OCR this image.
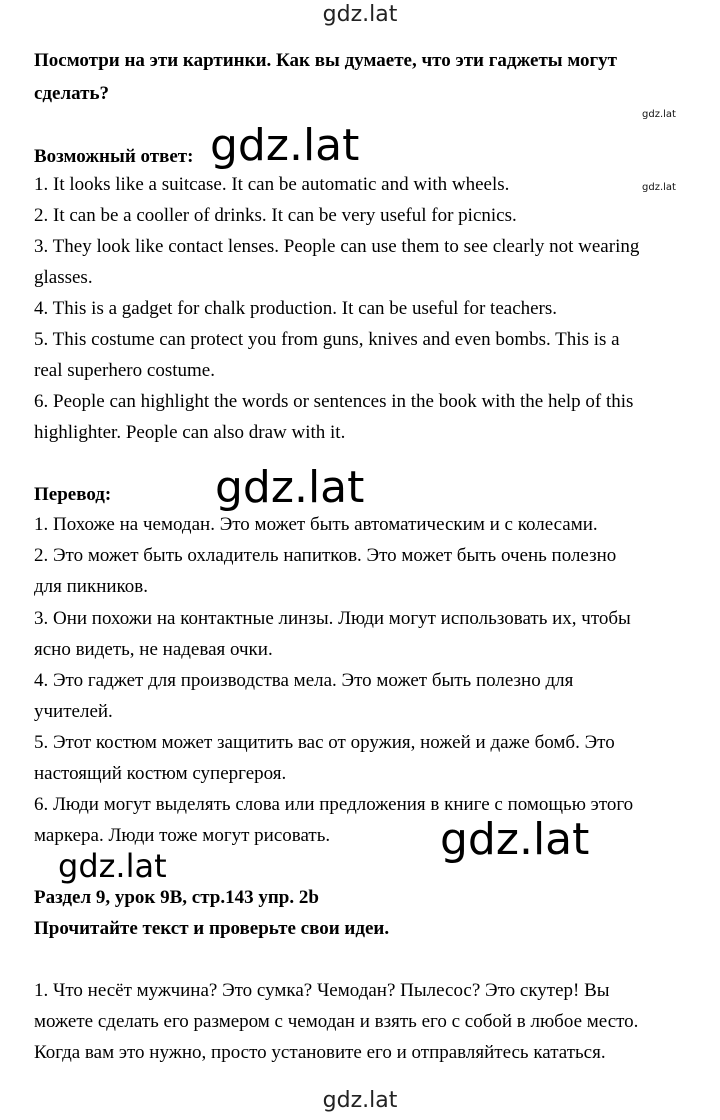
gdz.lat
gdz.lat
gdz.lat
Посмотри на эти картинки. Как вы думаете, что эти гаджеты могут
сделать?
Возможный ответ: gdz.lat
1. It looks like a suitcase. It can be automatic and with wheels.
2. It can be a cooller of drinks. It can be very useful for picnics.
3. They look like contact lenses. People can use them to see clearly not wearing
glasses.
4. This is a gadget for chalk production. It can be useful for teachers.
5. This costume can protect you from guns, knives and even bombs. This is a
real superhero costume.
6. People can highlight the words or sentences in the book with the help of this
highlighter. People can also draw with it.
Перевод: gdz.lat
1. Похоже на чемодан. Это может быть автоматическим и с колесами.
2. Это может быть охладитель напитков. Это может быть очень полезно
для пикников.
3. Они похожи на контактные линзы. Люди могут использовать их, чтобы
ясно видеть, не надевая очки.
4. Это гаджет для производства мела. Это может быть полезно для
учителей.
5. Этот костюм может защитить вас от оружия, ножей и даже бомб. Это
настоящий костюм супергероя.
6. Люди могут выделять слова или предложения в книге с помощью этого
маркера. Люди тоже могут рисовать. gdz.lat
gdz.lat
Раздел 9, урок 9B, стр.143 упр. 2b
Прочитайте текст и проверьте свои идеи.
1. Что несёт мужчина? Это сумка? Чемодан? Пылесос? Это скутер! Вы
можете сделать его размером с чемодан и взять его с собой в любое место.
Когда вам это нужно, просто установите его и отправляйтесь кататься.
gdz.lat
